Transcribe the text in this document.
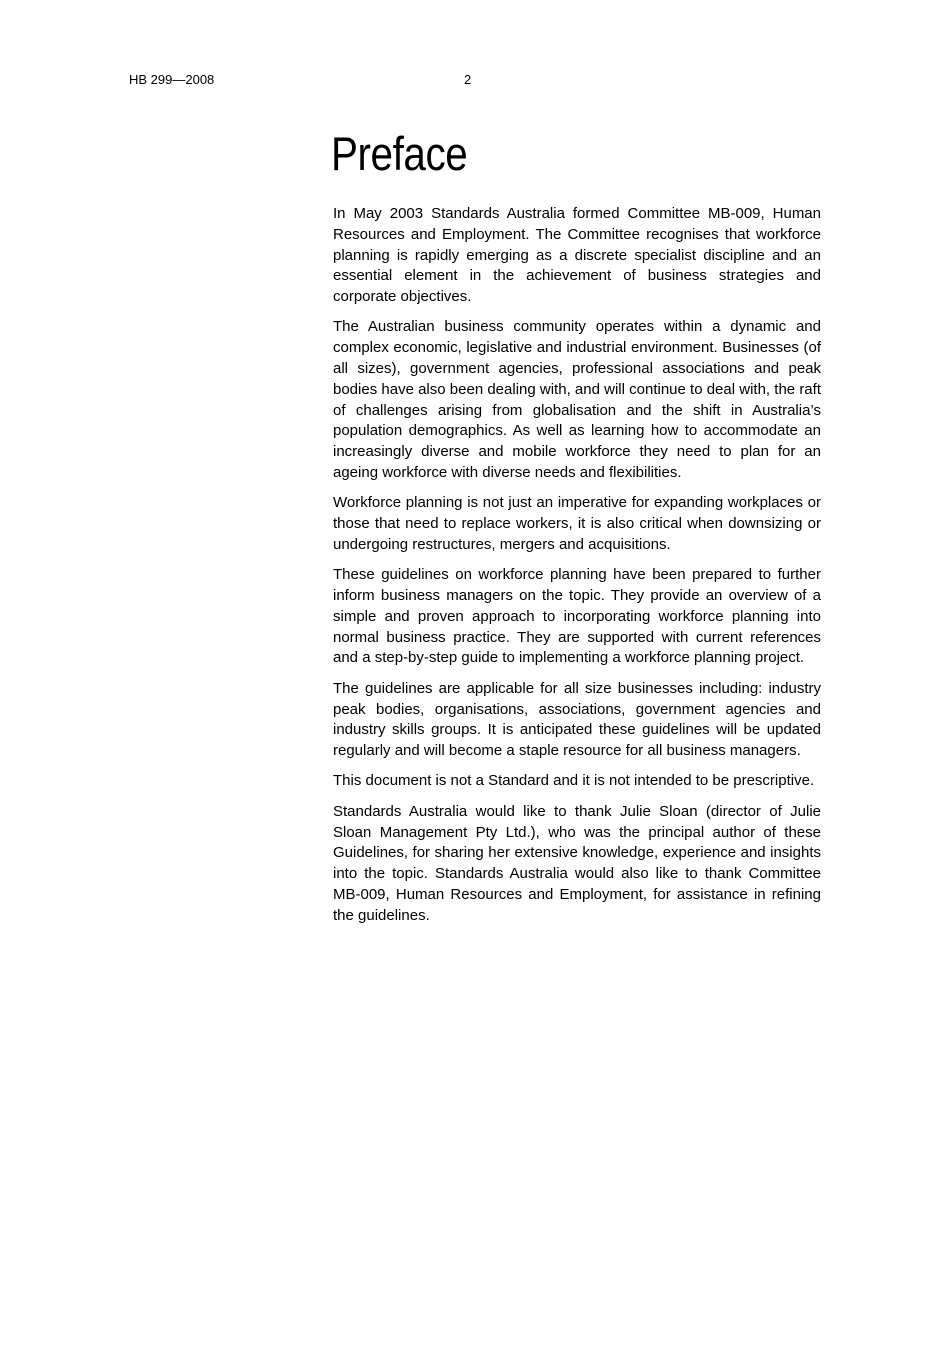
HB 299—2008	2
Preface

In May 2003 Standards Australia formed Committee MB-009, Human Resources and Employment. The Committee recognises that workforce planning is rapidly emerging as a discrete specialist discipline and an essential element in the achievement of business strategies and corporate objectives.

The Australian business community operates within a dynamic and complex economic, legislative and industrial environment. Businesses (of all sizes), government agencies, professional associations and peak bodies have also been dealing with, and will continue to deal with, the raft of challenges arising from globalisation and the shift in Australia’s population demographics. As well as learning how to accommodate an increasingly diverse and mobile workforce they need to plan for an ageing workforce with diverse needs and flexibilities.

Workforce planning is not just an imperative for expanding workplaces or those that need to replace workers, it is also critical when downsizing or undergoing restructures, mergers and acquisitions.

These guidelines on workforce planning have been prepared to further inform business managers on the topic. They provide an overview of a simple and proven approach to incorporating workforce planning into normal business practice. They are supported with current references and a step-by-step guide to implementing a workforce planning project.

The guidelines are applicable for all size businesses including: industry peak bodies, organisations, associations, government agencies and industry skills groups. It is anticipated these guidelines will be updated regularly and will become a staple resource for all business managers.

This document is not a Standard and it is not intended to be prescriptive.

Standards Australia would like to thank Julie Sloan (director of Julie Sloan Management Pty Ltd.), who was the principal author of these Guidelines, for sharing her extensive knowledge, experience and insights into the topic. Standards Australia would also like to thank Committee MB-009, Human Resources and Employment, for assistance in refining the guidelines.
